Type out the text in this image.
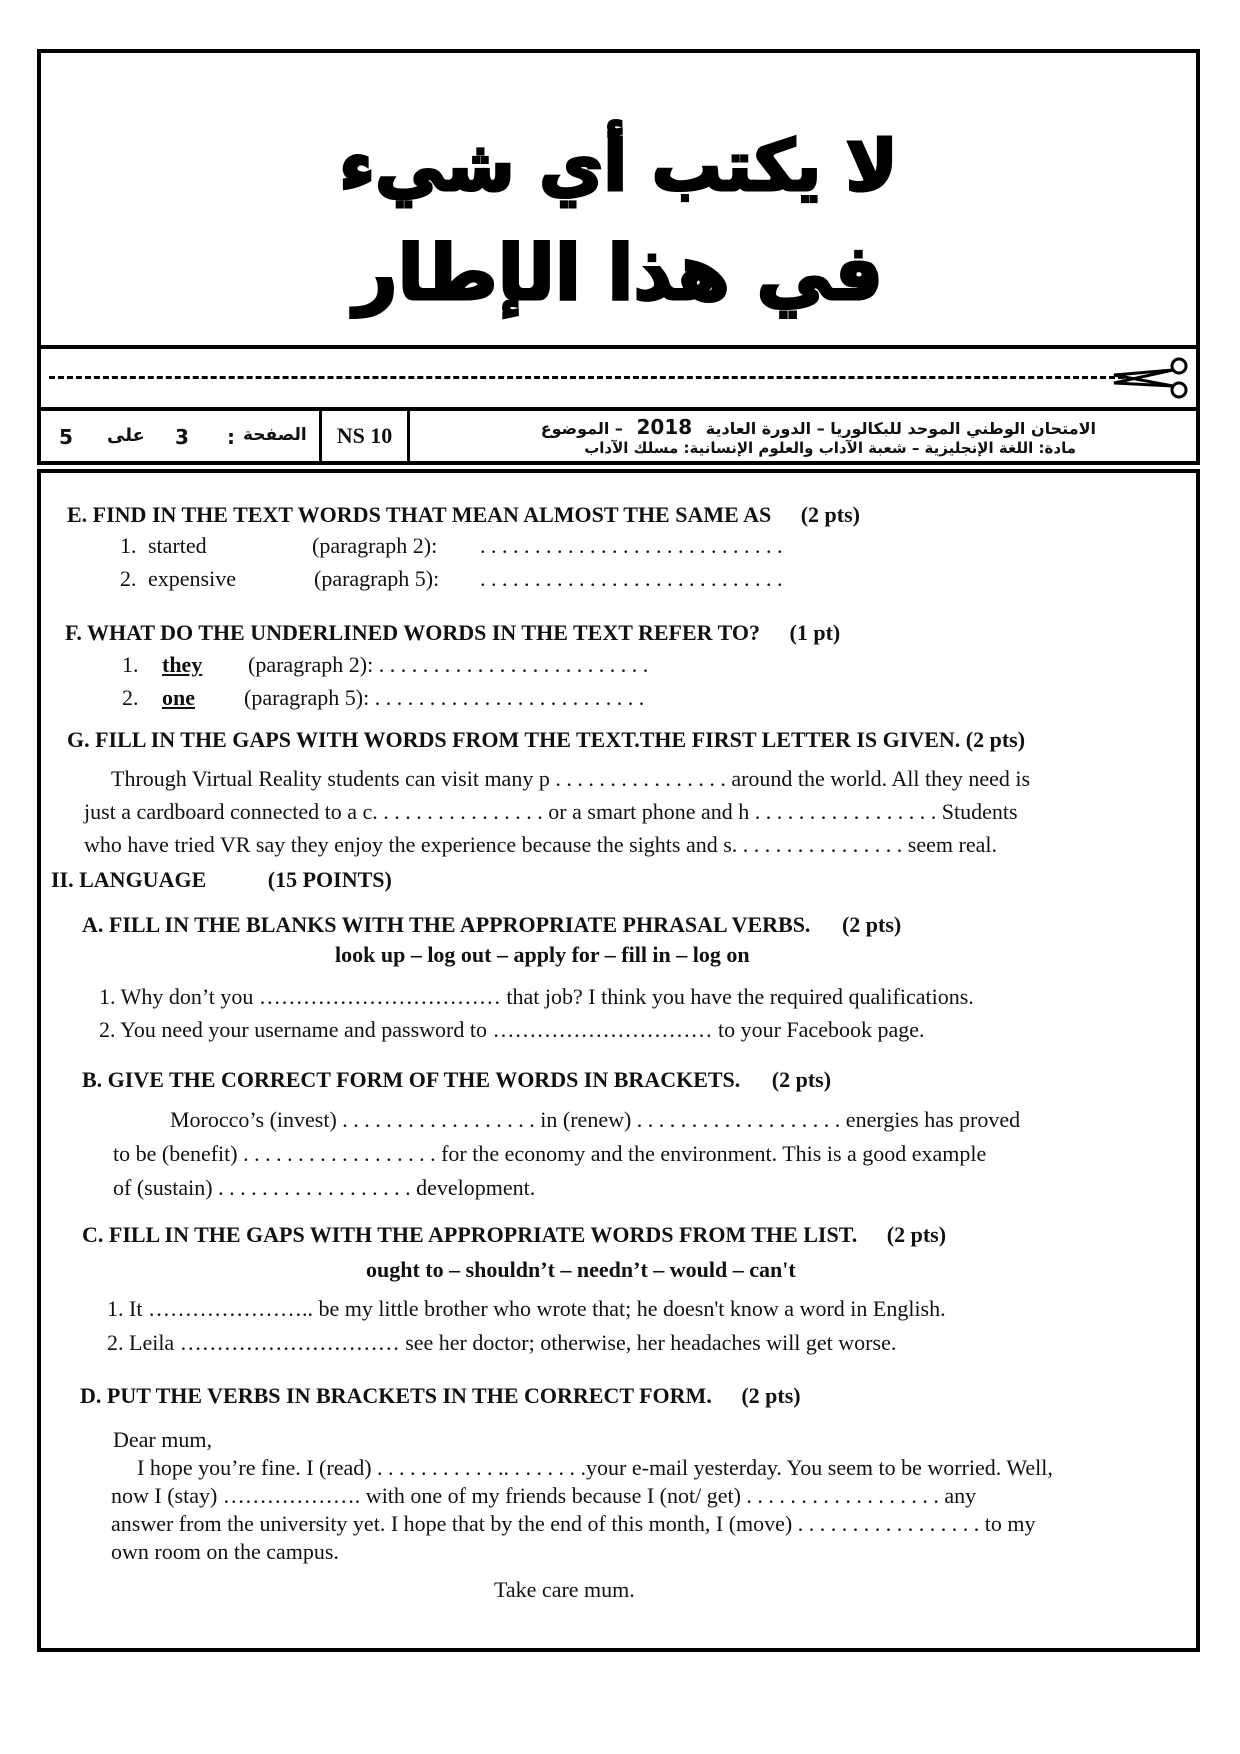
لا يكتب أي شيء
في هذا الإطار
5 على 3 : الصفحة	NS 10	الامتحان الوطني الموحد للبكالوريا – الدورة العادية 2018 – الموضوع
مادة: اللغة الإنجليزية – شعبة الآداب والعلوم الإنسانية: مسلك الآداب
E. FIND IN THE TEXT WORDS THAT MEAN ALMOST THE SAME AS (2 pts)
1. started	(paragraph 2): . . . . . . . . . . . . . . . . . . . . . . . . . . . .
2. expensive	(paragraph 5): . . . . . . . . . . . . . . . . . . . . . . . . . . . .
F. WHAT DO THE UNDERLINED WORDS IN THE TEXT REFER TO? (1 pt)
1. they (paragraph 2): . . . . . . . . . . . . . . . . . . . . . . . . .
2. one (paragraph 5): . . . . . . . . . . . . . . . . . . . . . . . . .
G. FILL IN THE GAPS WITH WORDS FROM THE TEXT.THE FIRST LETTER IS GIVEN. (2 pts)
Through Virtual Reality students can visit many p . . . . . . . . . . . . . . . . around the world. All they need is
just a cardboard connected to a c. . . . . . . . . . . . . . . . or a smart phone and h . . . . . . . . . . . . . . . . . Students
who have tried VR say they enjoy the experience because the sights and s. . . . . . . . . . . . . . . . seem real.
II. LANGUAGE	(15 POINTS)
A. FILL IN THE BLANKS WITH THE APPROPRIATE PHRASAL VERBS. (2 pts)
look up – log out – apply for – fill in – log on
1. Why don’t you …………………………… that job? I think you have the required qualifications.
2. You need your username and password to ………………………… to your Facebook page.
B. GIVE THE CORRECT FORM OF THE WORDS IN BRACKETS. (2 pts)
Morocco’s (invest) . . . . . . . . . . . . . . . . . . in (renew) . . . . . . . . . . . . . . . . . . . energies has proved
to be (benefit) . . . . . . . . . . . . . . . . . . for the economy and the environment. This is a good example
of (sustain) . . . . . . . . . . . . . . . . . . development.
C. FILL IN THE GAPS WITH THE APPROPRIATE WORDS FROM THE LIST. (2 pts)
ought to – shouldn’t – needn’t – would – can't
1. It ………………….. be my little brother who wrote that; he doesn't know a word in English.
2. Leila ………………………… see her doctor; otherwise, her headaches will get worse.
D. PUT THE VERBS IN BRACKETS IN THE CORRECT FORM. (2 pts)
Dear mum,
I hope you’re fine. I (read) . . . . . . . . . . . .. . . . . . . .your e-mail yesterday. You seem to be worried. Well,
now I (stay) ………………. with one of my friends because I (not/ get) . . . . . . . . . . . . . . . . . . any
answer from the university yet. I hope that by the end of this month, I (move) . . . . . . . . . . . . . . . . . to my
own room on the campus.
Take care mum.
